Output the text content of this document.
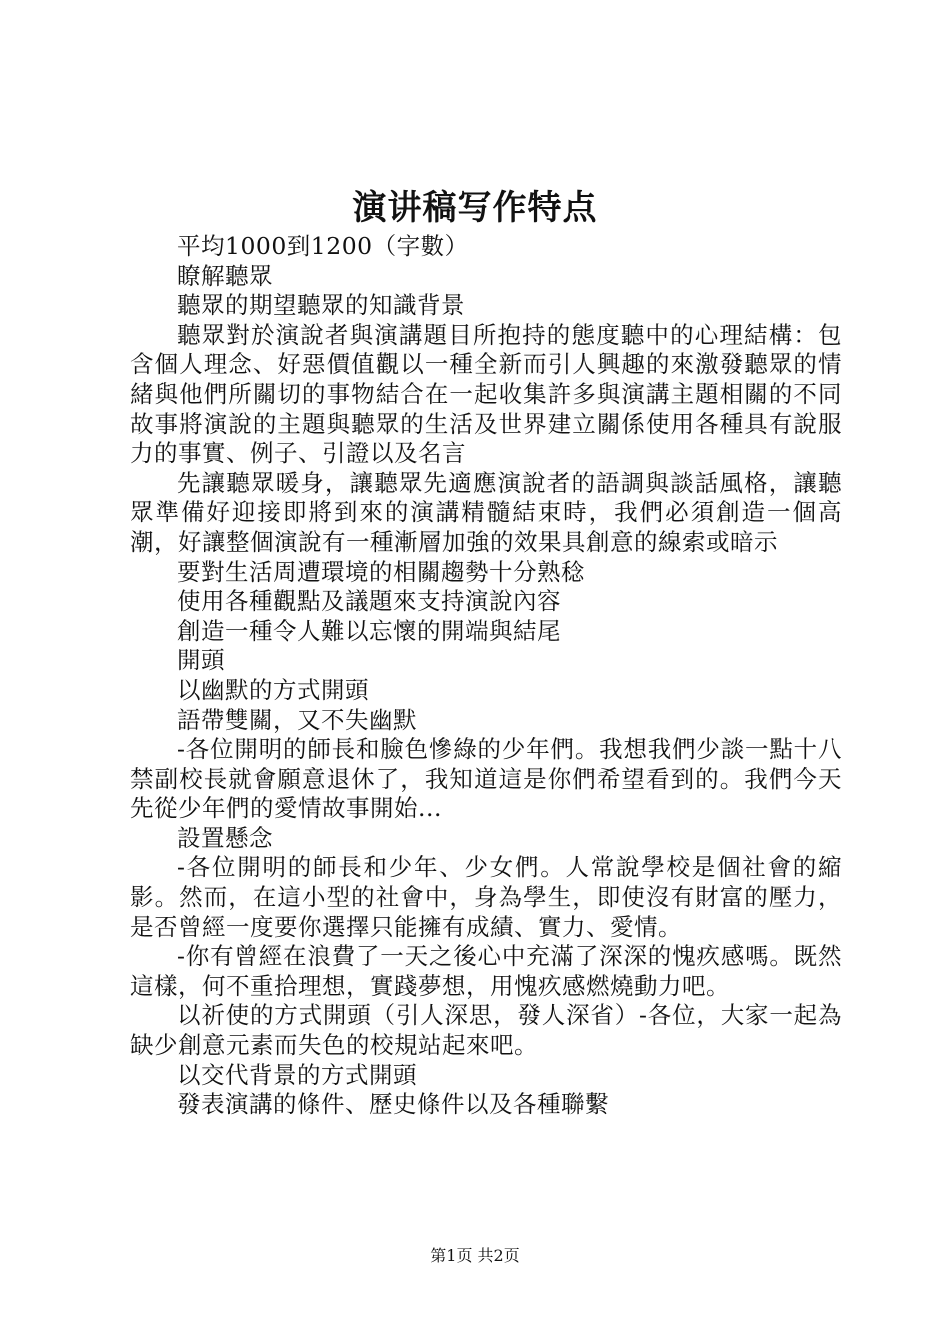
演讲稿写作特点

平均1000到1200（字數）

瞭解聽眾

聽眾的期望聽眾的知識背景

聽眾對於演說者與演講題目所抱持的態度聽中的心理結構：包含個人理念、好惡價值觀以一種全新而引人興趣的來激發聽眾的情緒與他們所關切的事物結合在一起收集許多與演講主題相關的不同故事將演說的主題與聽眾的生活及世界建立關係使用各種具有說服力的事實、例子、引證以及名言

先讓聽眾暖身，讓聽眾先適應演說者的語調與談話風格，讓聽眾準備好迎接即將到來的演講精髓結束時，我們必須創造一個高潮，好讓整個演說有一種漸層加強的效果具創意的線索或暗示

要對生活周遭環境的相關趨勢十分熟稔

使用各種觀點及議題來支持演說內容

創造一種令人難以忘懷的開端與結尾

開頭

以幽默的方式開頭

語帶雙關，又不失幽默

-各位開明的師長和臉色慘綠的少年們。我想我們少談一點十八禁副校長就會願意退休了，我知道這是你們希望看到的。我們今天先從少年們的愛情故事開始...

設置懸念

-各位開明的師長和少年、少女們。人常說學校是個社會的縮影。然而，在這小型的社會中，身為學生，即使沒有財富的壓力，是否曾經一度要你選擇只能擁有成績、實力、愛情。

-你有曾經在浪費了一天之後心中充滿了深深的愧疚感嗎。既然這樣，何不重拾理想，實踐夢想，用愧疚感燃燒動力吧。

以祈使的方式開頭（引人深思，發人深省）-各位，大家一起為缺少創意元素而失色的校規站起來吧。

以交代背景的方式開頭

發表演講的條件、歷史條件以及各種聯繫

第1页 共2页
